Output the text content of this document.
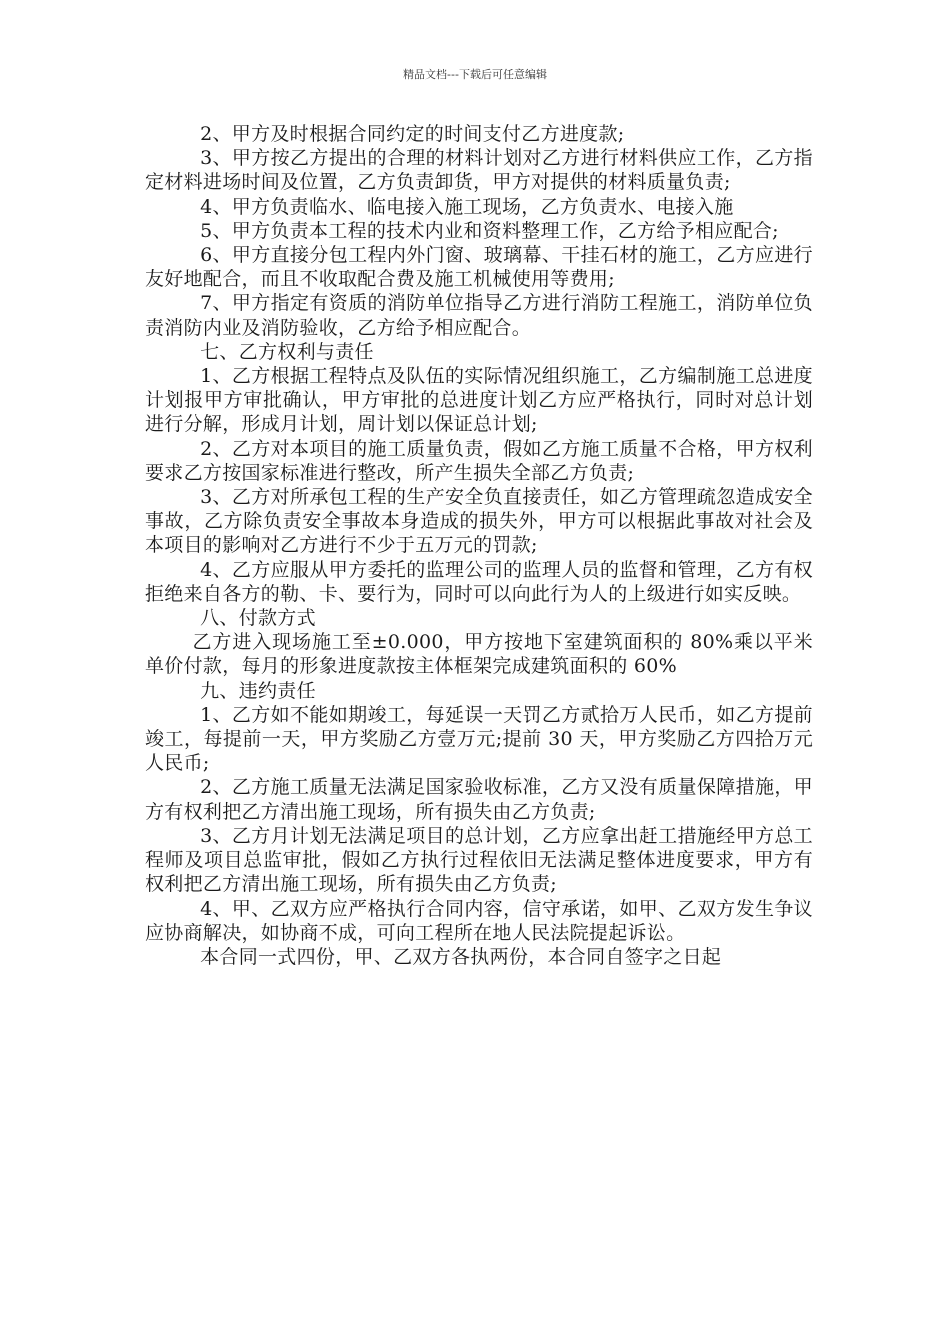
精品文档---下载后可任意编辑

2、甲方及时根据合同约定的时间支付乙方进度款;

3、甲方按乙方提出的合理的材料计划对乙方进行材料供应工作，乙方指定材料进场时间及位置，乙方负责卸货，甲方对提供的材料质量负责;

4、甲方负责临水、临电接入施工现场，乙方负责水、电接入施

5、甲方负责本工程的技术内业和资料整理工作，乙方给予相应配合;

6、甲方直接分包工程内外门窗、玻璃幕、干挂石材的施工，乙方应进行友好地配合，而且不收取配合费及施工机械使用等费用;

7、甲方指定有资质的消防单位指导乙方进行消防工程施工，消防单位负责消防内业及消防验收，乙方给予相应配合。

七、乙方权利与责任

1、乙方根据工程特点及队伍的实际情况组织施工，乙方编制施工总进度计划报甲方审批确认，甲方审批的总进度计划乙方应严格执行，同时对总计划进行分解，形成月计划，周计划以保证总计划;

2、乙方对本项目的施工质量负责，假如乙方施工质量不合格，甲方权利要求乙方按国家标准进行整改，所产生损失全部乙方负责;

3、乙方对所承包工程的生产安全负直接责任，如乙方管理疏忽造成安全事故，乙方除负责安全事故本身造成的损失外，甲方可以根据此事故对社会及本项目的影响对乙方进行不少于五万元的罚款;

4、乙方应服从甲方委托的监理公司的监理人员的监督和管理，乙方有权拒绝来自各方的勒、卡、要行为，同时可以向此行为人的上级进行如实反映。

八、付款方式

乙方进入现场施工至±0.000，甲方按地下室建筑面积的 80%乘以平米单价付款，每月的形象进度款按主体框架完成建筑面积的 60%

九、违约责任

1、乙方如不能如期竣工，每延误一天罚乙方贰拾万人民币，如乙方提前竣工，每提前一天，甲方奖励乙方壹万元;提前 30 天，甲方奖励乙方四拾万元人民币;

2、乙方施工质量无法满足国家验收标准，乙方又没有质量保障措施，甲方有权利把乙方清出施工现场，所有损失由乙方负责;

3、乙方月计划无法满足项目的总计划，乙方应拿出赶工措施经甲方总工程师及项目总监审批，假如乙方执行过程依旧无法满足整体进度要求，甲方有权利把乙方清出施工现场，所有损失由乙方负责;

4、甲、乙双方应严格执行合同内容，信守承诺，如甲、乙双方发生争议应协商解决，如协商不成，可向工程所在地人民法院提起诉讼。

本合同一式四份，甲、乙双方各执两份，本合同自签字之日起
